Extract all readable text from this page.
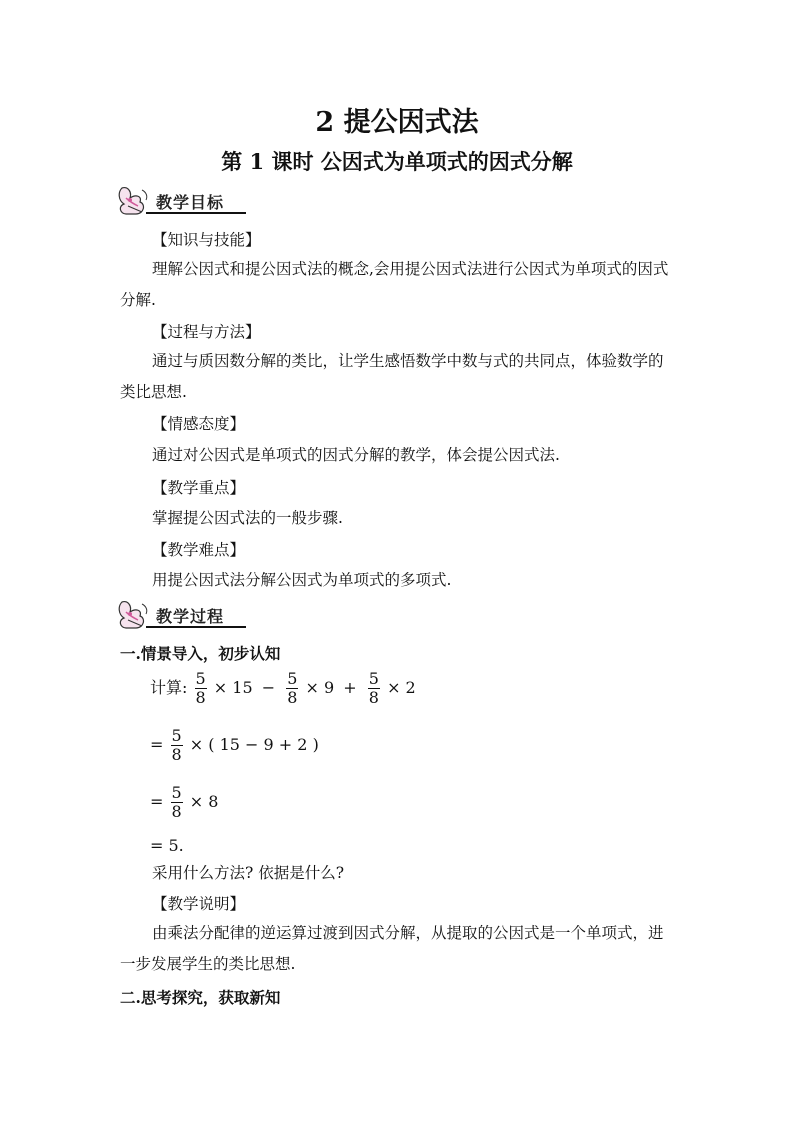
2 提公因式法
第 1 课时 公因式为单项式的因式分解
教学目标
【知识与技能】
理解公因式和提公因式法的概念,会用提公因式法进行公因式为单项式的因式分解.
【过程与方法】
通过与质因数分解的类比，让学生感悟数学中数与式的共同点，体验数学的类比思想.
【情感态度】
通过对公因式是单项式的因式分解的教学，体会提公因式法.
【教学重点】
掌握提公因式法的一般步骤.
【教学难点】
用提公因式法分解公因式为单项式的多项式.
教学过程
一.情景导入，初步认知
计算: $\frac{5}{8} \times 15 - \frac{5}{8} \times 9 + \frac{5}{8} \times 2$
= $\frac{5}{8}$ × ( 15 − 9 + 2 )
= $\frac{5}{8} \times 8$
= 5.
采用什么方法? 依据是什么?
【教学说明】
由乘法分配律的逆运算过渡到因式分解，从提取的公因式是一个单项式，进一步发展学生的类比思想.
二.思考探究，获取新知
